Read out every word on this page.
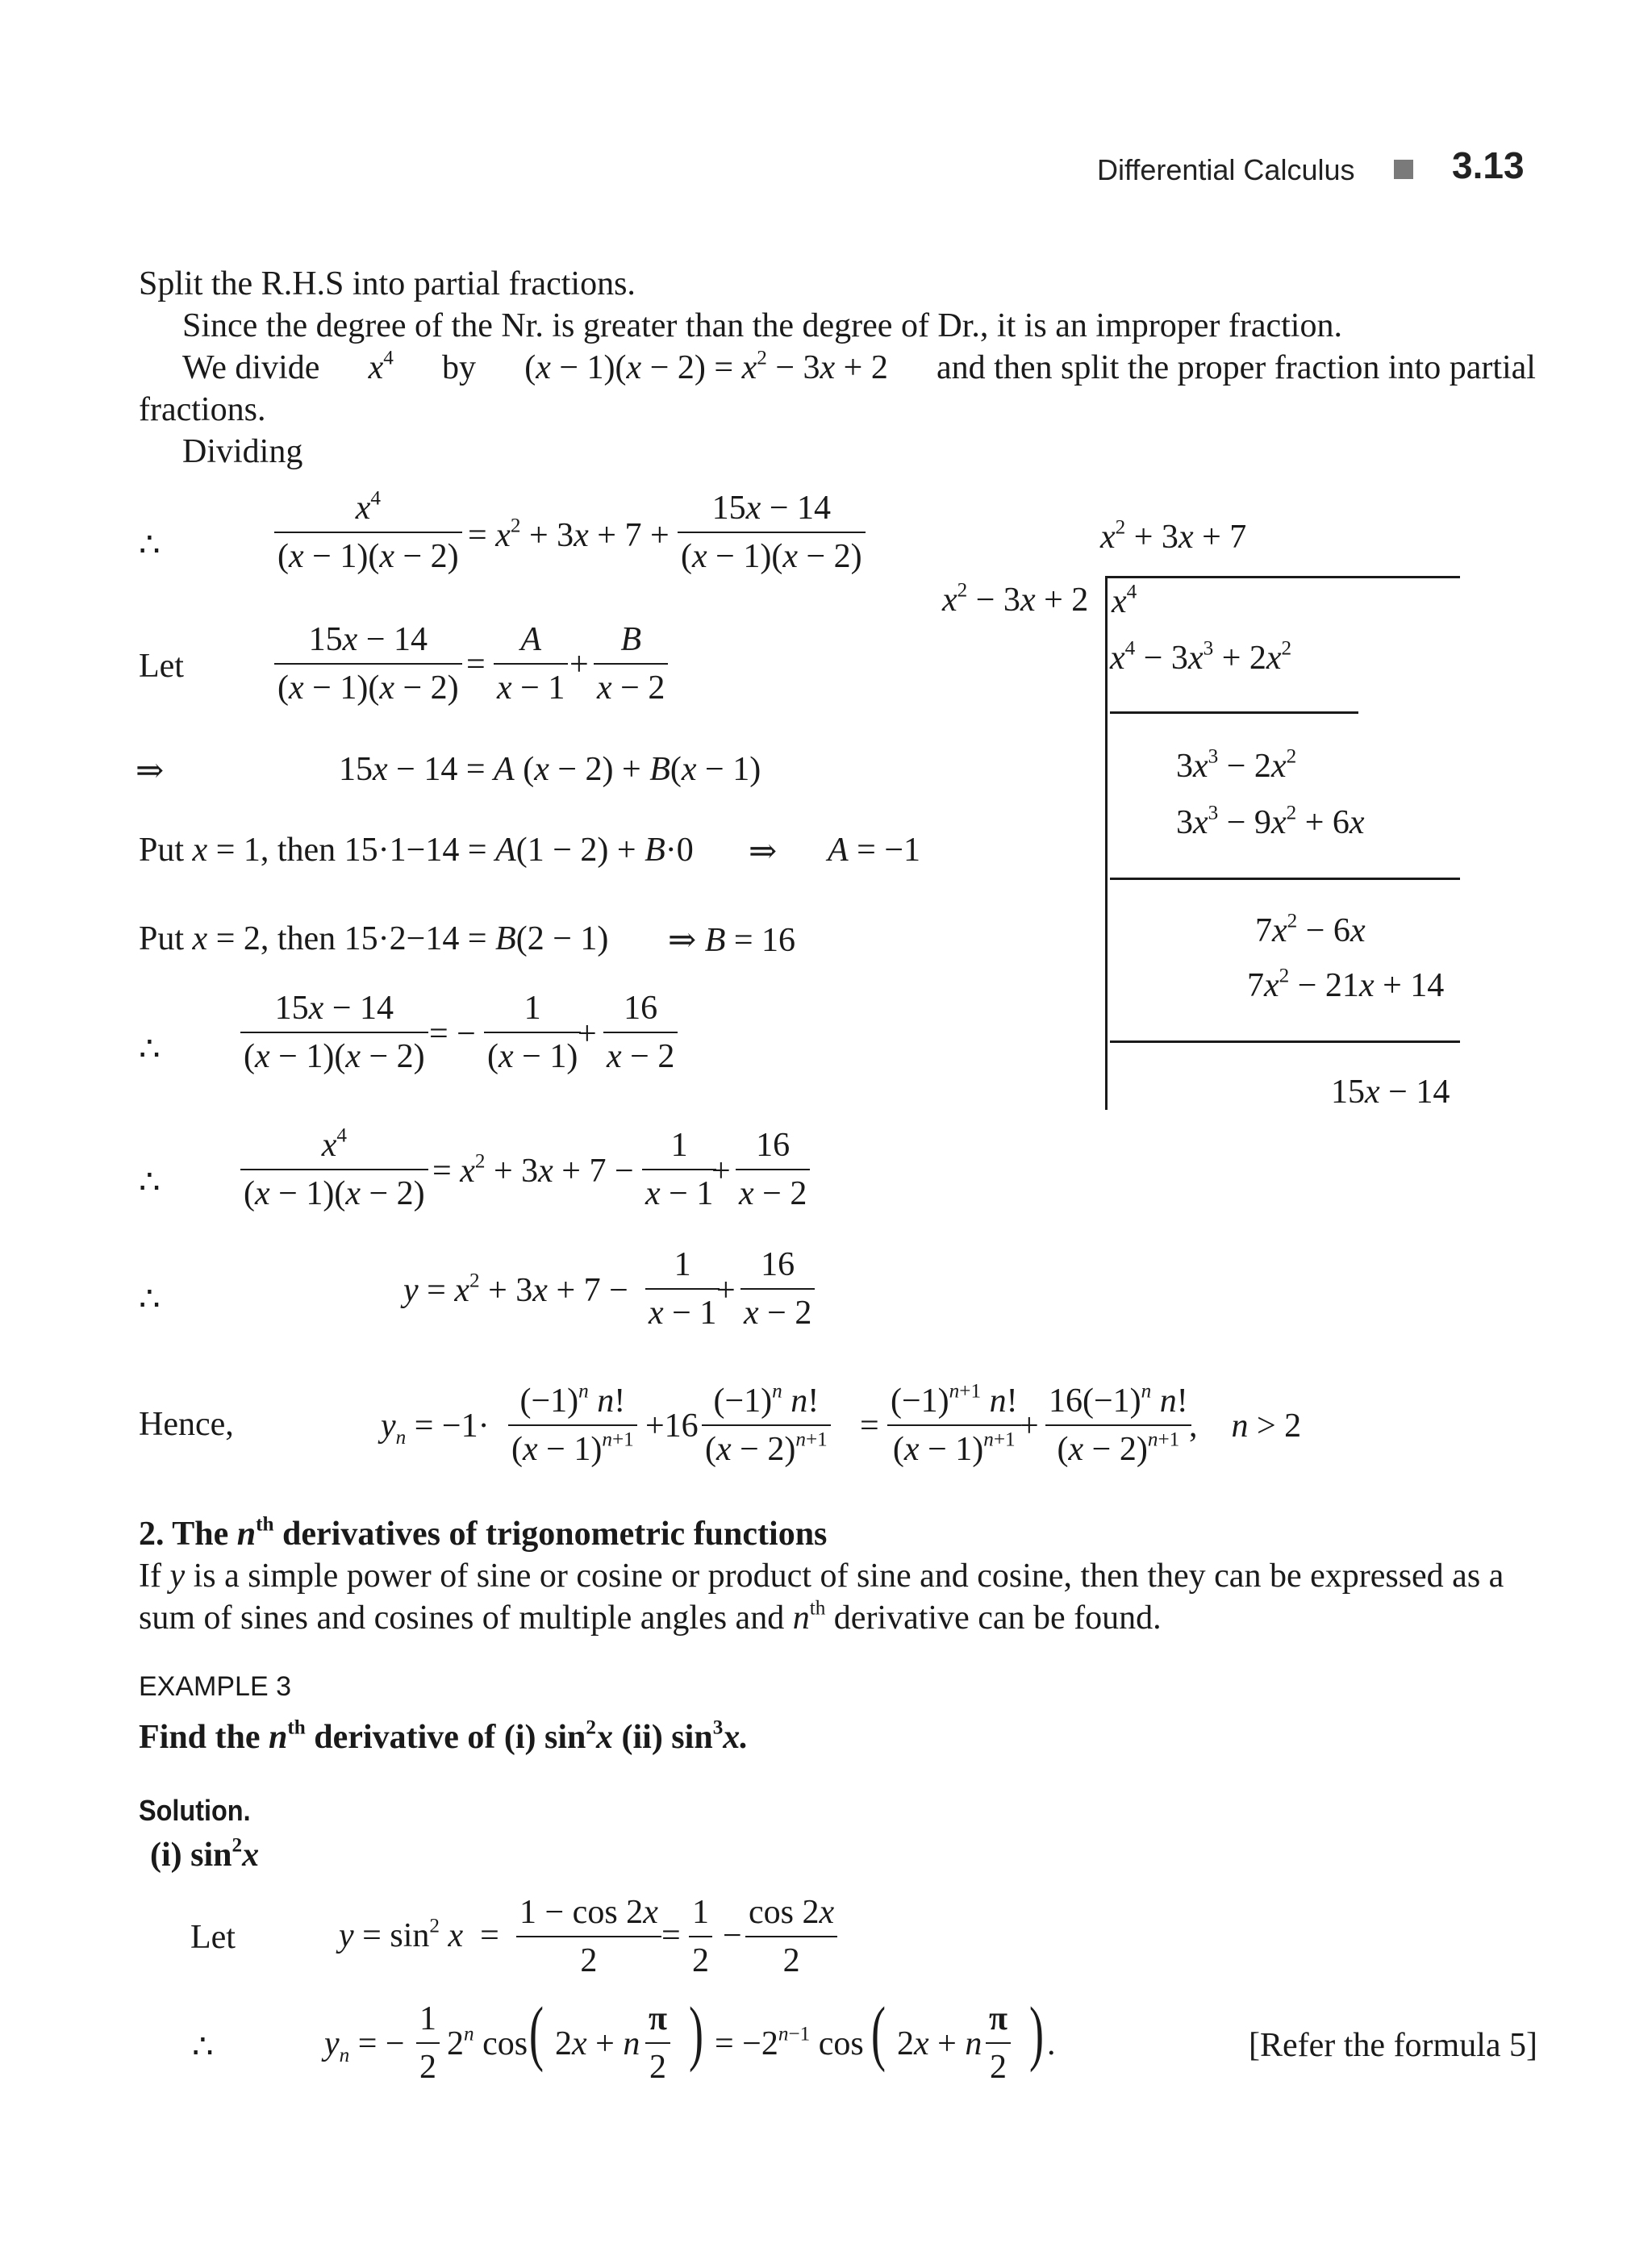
Differential Calculus	3.13
Split the R.H.S into partial fractions.
Since the degree of the Nr. is greater than the degree of Dr., it is an improper fraction.
We divide $x^4$ by $(x - 1)(x - 2) = x^2 - 3x + 2$ and then split the proper fraction into partial
fractions.
Dividing
∴	$\frac{x^4}{(x - 1)(x - 2)} = x^2 + 3x + 7 + \frac{15x - 14}{(x - 1)(x - 2)}$
Let	$\frac{15x - 14}{(x - 1)(x - 2)} = \frac{A}{x - 1} + \frac{B}{x - 2}$
⇒	15x − 14 = A (x − 2) + B(x − 1)
Put x = 1, then 15·1−14 = A(1 − 2) + B·0 ⇒ A = −1
Put x = 2, then 15·2−14 = B(2 − 1) ⇒ B = 16
∴ $\frac{15x - 14}{(x - 1)(x - 2)}$ = − $\frac{1}{(x - 1)}$
+ $\frac{16}{x - 2}$
∴ $\frac{x^4}{(x - 1)(x - 2)} = x^2 + 3x + 7 - \frac{1}{x - 1}$
+ $\frac{16}{x - 2}$
∴	$y = x^2 + 3x + 7 - \frac{1}{x - 1}$
+ $\frac{16}{x - 2}$
Hence,	$y_n = -1\cdot \frac{(-1)^n n!}{(x - 1)^{n+1}} +16 \frac{(-1)^n n!}{(x - 2)^{n+1}} = \frac{(-1)^{n+1} n!}{(x - 1)^{n+1}}$
+ $\frac{16(-1)^n n!}{(x - 2)^{n+1}}$
,    n > 2
$x^2 + 3x + 7$
$x^2 - 3x + 2$ $x^4$
$x^4 - 3x^3 + 2x^2$
$3x^3 - 2x^2$
$3x^3 - 9x^2 + 6x$
$7x^2 - 6x$
$7x^2 - 21x + 14$
15x − 14
2. The $n^{th}$ derivatives of trigonometric functions
If y is a simple power of sine or cosine or product of sine and cosine, then they can be expressed as a
sum of sines and cosines of multiple angles and $n^{th}$ derivative can be found.
EXAMPLE 3
Find the $n^{th}$ derivative of (i) $\sin^2x$ (ii) $\sin^3x$.
Solution.
(i) $\sin^2x$
Let	$y = \sin^2 x = \frac{1 - \cos 2x}{2} = \frac{1}{2} - \frac{\cos 2x}{2}$
∴	$y_n$ = − $\frac{1}{2} 2^n$ cos ( 2x + n $\frac{\pi}{2}$ ) = $-2^{n-1}$ cos ( 2x + n $\frac{\pi}{2}$ ) .	[Refer the formula 5]
